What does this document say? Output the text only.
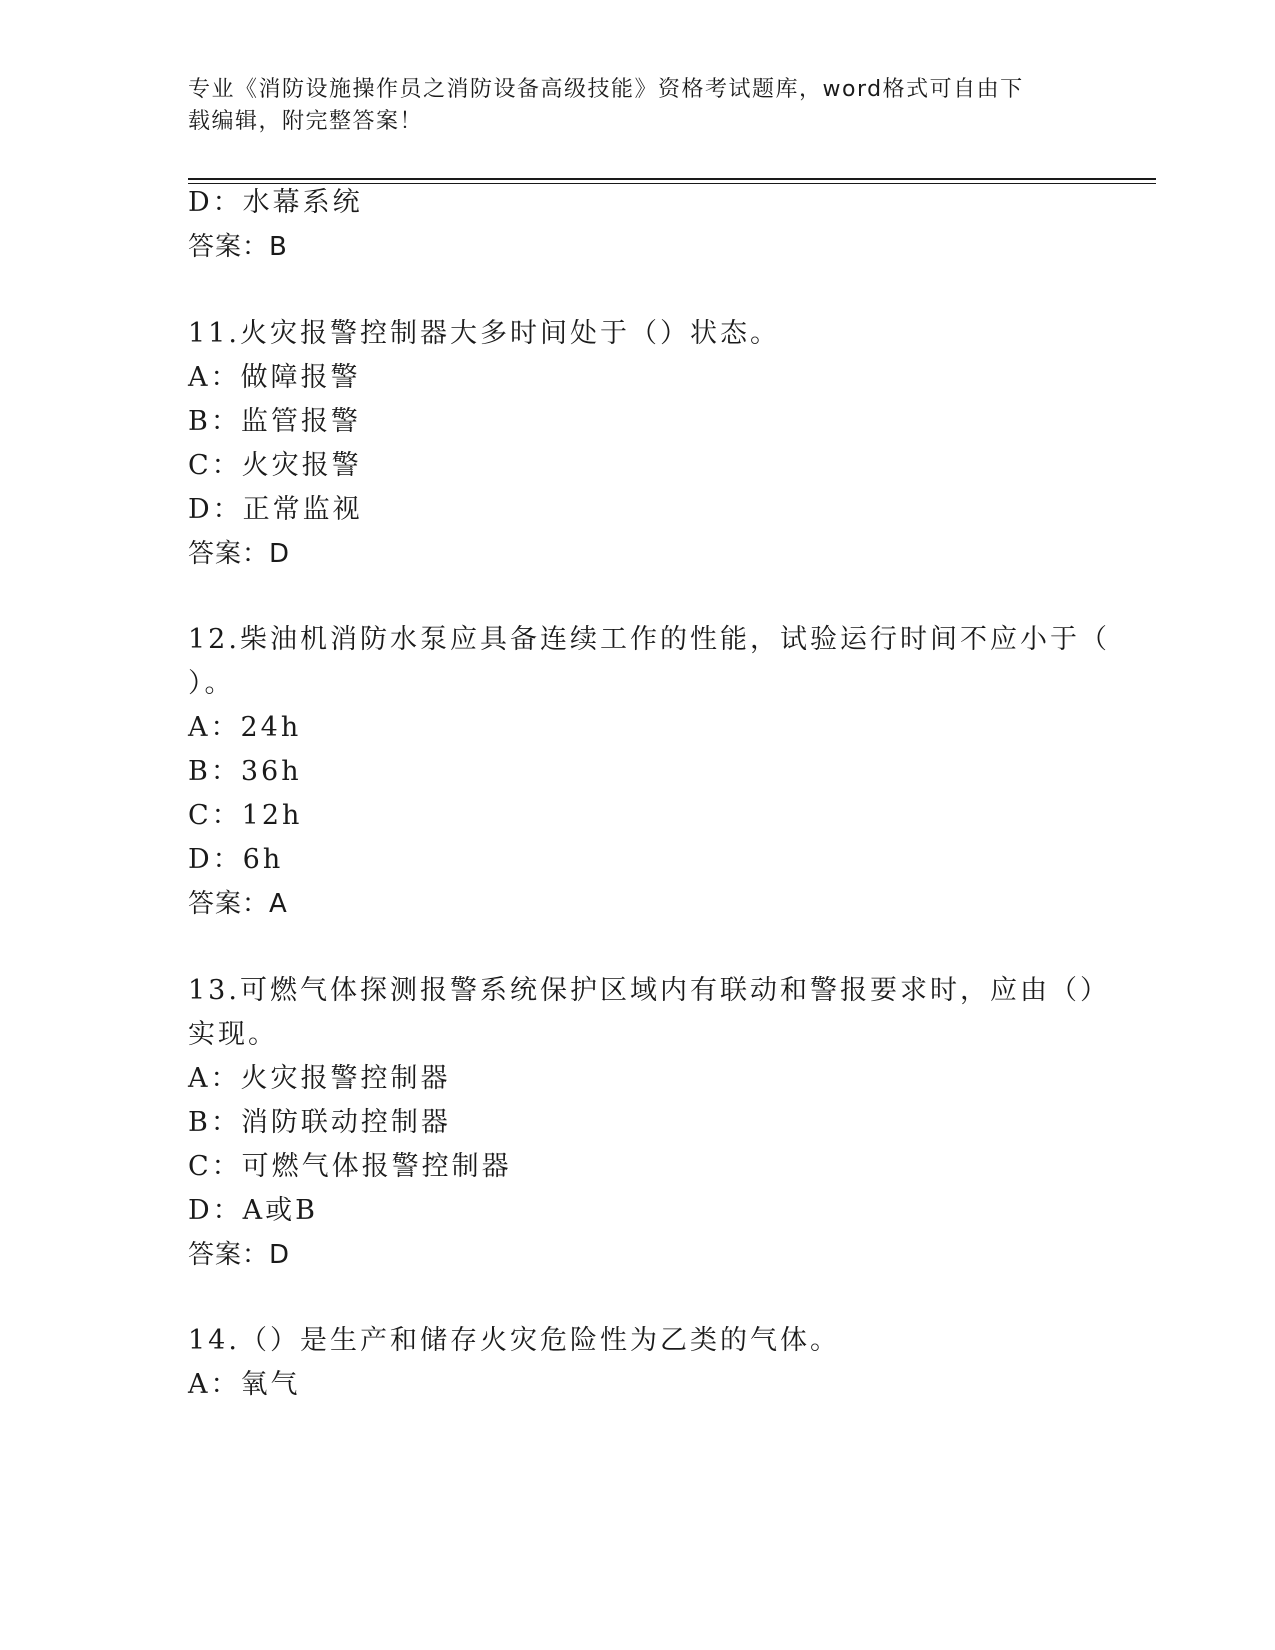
专业《消防设施操作员之消防设备高级技能》资格考试题库，word格式可自由下
载编辑，附完整答案！
D：水幕系统
答案：B
11.火灾报警控制器大多时间处于（）状态。
A：做障报警
B：监管报警
C：火灾报警
D：正常监视
答案：D
12.柴油机消防水泵应具备连续工作的性能，试验运行时间不应小于（
）。
A：24h
B：36h
C：12h
D：6h
答案：A
13.可燃气体探测报警系统保护区域内有联动和警报要求时，应由（）
实现。
A：火灾报警控制器
B：消防联动控制器
C：可燃气体报警控制器
D：A或B
答案：D
14.（）是生产和储存火灾危险性为乙类的气体。
A：氧气
